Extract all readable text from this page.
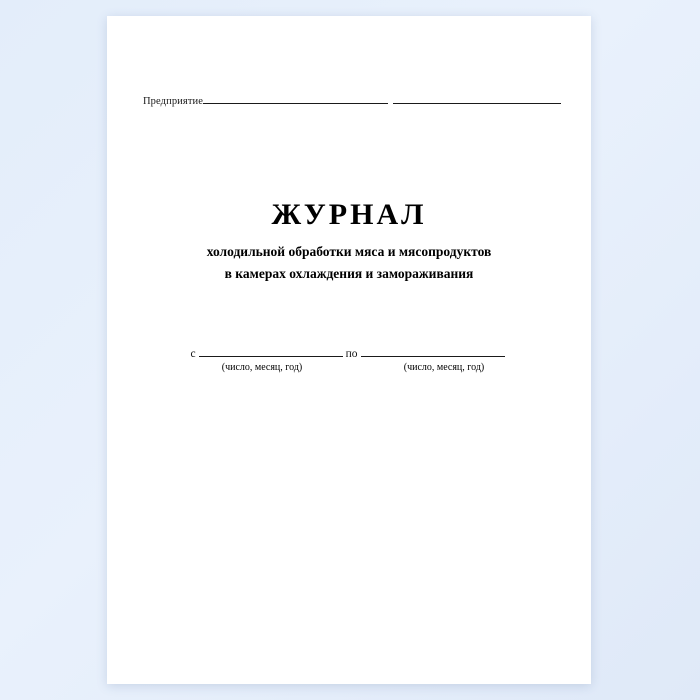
Предприятие
ЖУРНАЛ
холодильной обработки мяса и мясопродуктов
в камерах охлаждения и замораживания
с	по
(число, месяц, год)	(число, месяц, год)
